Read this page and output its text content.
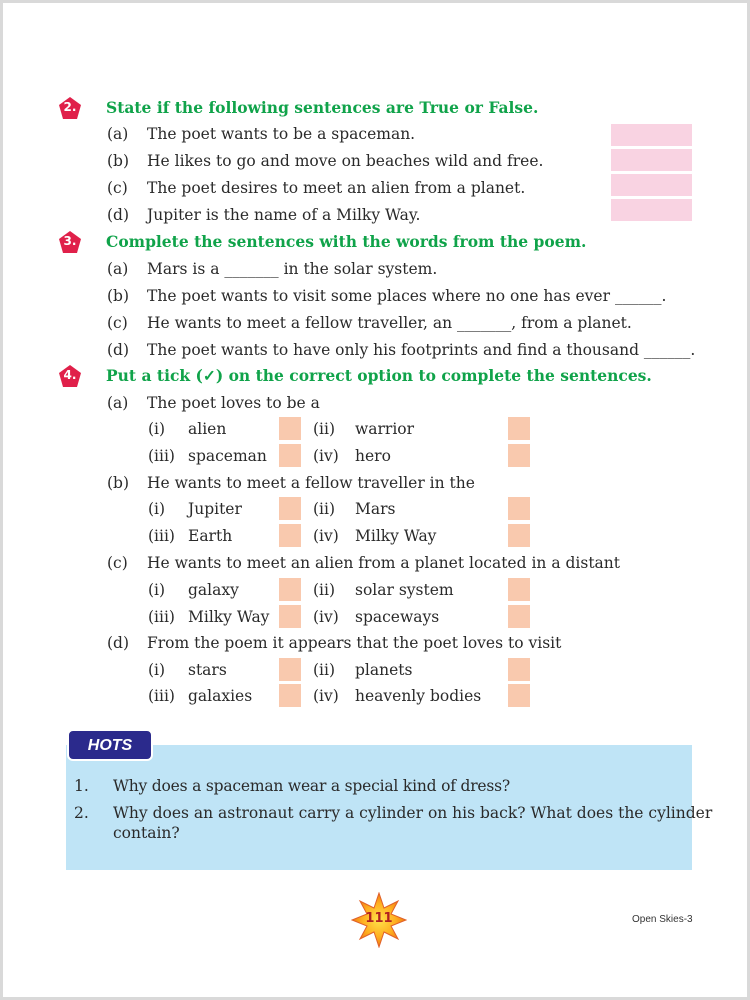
2.	State if the following sentences are True or False.
(a) The poet wants to be a spaceman.
(b) He likes to go and move on beaches wild and free.
(c) The poet desires to meet an alien from a planet.
(d) Jupiter is the name of a Milky Way.
3.	Complete the sentences with the words from the poem.
(a) Mars is a _______ in the solar system.
(b) The poet wants to visit some places where no one has ever ______.
(c) He wants to meet a fellow traveller, an _______, from a planet.
(d) The poet wants to have only his footprints and find a thousand ______.
4.	Put a tick (✓) on the correct option to complete the sentences.
(a) The poet loves to be a
(i) alien	(ii) warrior
(iii) spaceman	(iv) hero
(b) He wants to meet a fellow traveller in the
(i) Jupiter	(ii) Mars
(iii) Earth	(iv) Milky Way
(c) He wants to meet an alien from a planet located in a distant
(i) galaxy	(ii) solar system
(iii) Milky Way	(iv) spaceways
(d) From the poem it appears that the poet loves to visit
(i) stars	(ii) planets
(iii) galaxies	(iv) heavenly bodies
HOTS
1. Why does a spaceman wear a special kind of dress?
2. Why does an astronaut carry a cylinder on his back? What does the cylinder
contain?
111	Open Skies-3
